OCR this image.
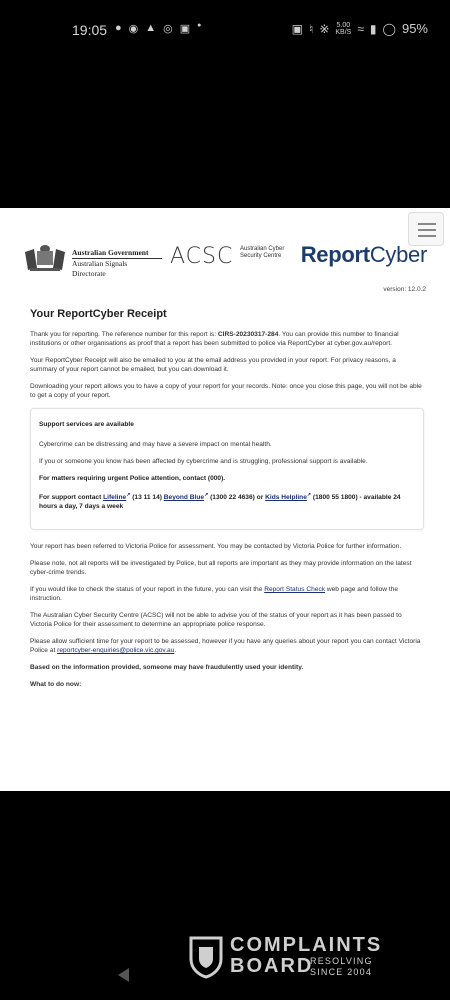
19:05 ● ◉ ▲ ◎ ▣ ●	▣ ♮ ※ 5.00
KB/S ≈ ▮ ◯ 95%
Australian Government
Australian Signals Directorate
ACSC Australian Cyber Security Centre ReportCyber
version: 12.0.2
Your ReportCyber Receipt

Thank you for reporting. The reference number for this report is: CIRS-20230317-284. You can provide this number to financial institutions or other organisations as proof that a report has been submitted to police via ReportCyber at cyber.gov.au/report.

Your ReportCyber Receipt will also be emailed to you at the email address you provided in your report. For privacy reasons, a summary of your report cannot be emailed, but you can download it.

Downloading your report allows you to have a copy of your report for your records. Note: once you close this page, you will not be able to get a copy of your report.

Support services are available
Cybercrime can be distressing and may have a severe impact on mental health.
If you or someone you know has been affected by cybercrime and is struggling, professional support is available.
For matters requiring urgent Police attention, contact (000).
For support contact Lifeline↗ (13 11 14) Beyond Blue↗ (1300 22 4636) or Kids Helpline↗ (1800 55 1800) - available 24 hours a day, 7 days a week

Your report has been referred to Victoria Police for assessment. You may be contacted by Victoria Police for further information.

Please note, not all reports will be investigated by Police, but all reports are important as they may provide information on the latest cyber-crime trends.

If you would like to check the status of your report in the future, you can visit the Report Status Check web page and follow the instruction.

The Australian Cyber Security Centre (ACSC) will not be able to advise you of the status of your report as it has been passed to Victoria Police for their assessment to determine an appropriate police response.

Please allow sufficient time for your report to be assessed, however if you have any queries about your report you can contact Victoria Police at reportcyber-enquiries@police.vic.gov.au.

Based on the information provided, someone may have fraudulently used your identity.

What to do now:

COMPLAINTS
BOARD
RESOLVING
SINCE 2004
